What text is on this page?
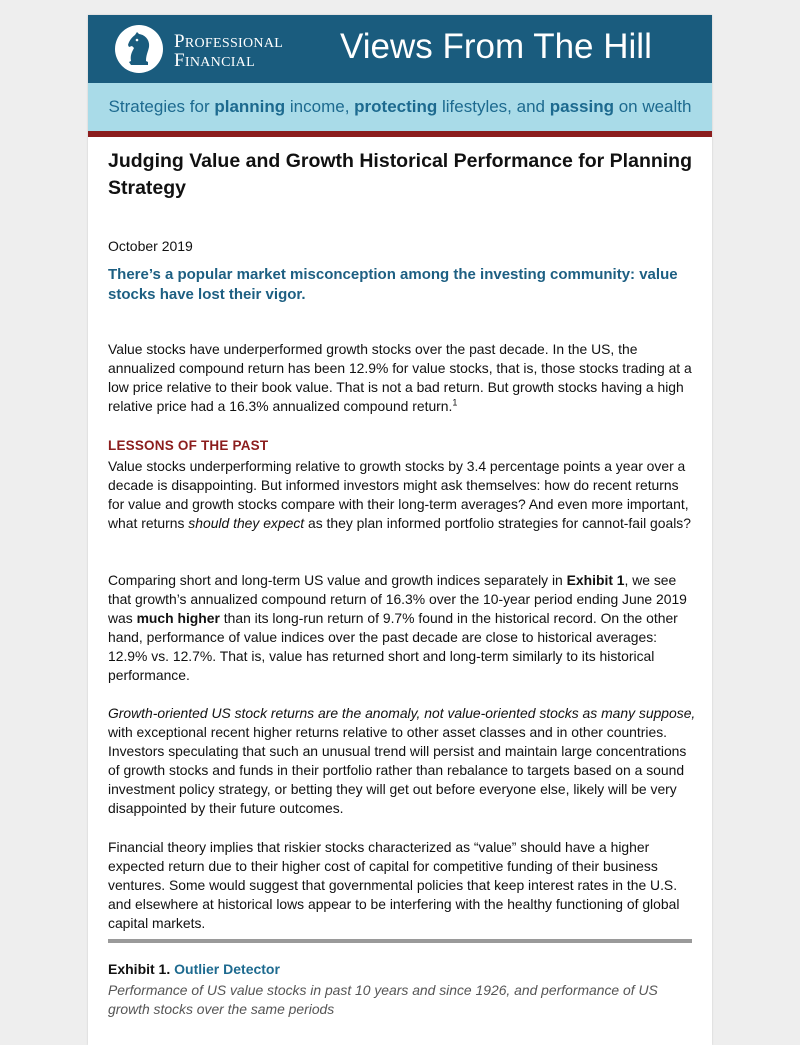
PROFESSIONAL
FINANCIAL	Views From The Hill
Strategies for planning income, protecting lifestyles, and passing on wealth
Judging Value and Growth Historical Performance for Planning Strategy
October 2019

There’s a popular market misconception among the investing community: value stocks have lost their vigor.

Value stocks have underperformed growth stocks over the past decade. In the US, the annualized compound return has been 12.9% for value stocks, that is, those stocks trading at a low price relative to their book value. That is not a bad return. But growth stocks having a high relative price had a 16.3% annualized compound return.$^1$

LESSONS OF THE PAST

Value stocks underperforming relative to growth stocks by 3.4 percentage points a year over a decade is disappointing. But informed investors might ask themselves: how do recent returns for value and growth stocks compare with their long-term averages? And even more important, what returns should they expect as they plan informed portfolio strategies for cannot-fail goals?

Comparing short and long-term US value and growth indices separately in Exhibit 1, we see that growth’s annualized compound return of 16.3% over the 10-year period ending June 2019 was much higher than its long-run return of 9.7% found in the historical record. On the other hand, performance of value indices over the past decade are close to historical averages: 12.9% vs. 12.7%. That is, value has returned short and long-term similarly to its historical performance.

Growth-oriented US stock returns are the anomaly, not value-oriented stocks as many suppose, with exceptional recent higher returns relative to other asset classes and in other countries. Investors speculating that such an unusual trend will persist and maintain large concentrations of growth stocks and funds in their portfolio rather than rebalance to targets based on a sound investment policy strategy, or betting they will get out before everyone else, likely will be very disappointed by their future outcomes.

Financial theory implies that riskier stocks characterized as “value” should have a higher expected return due to their higher cost of capital for competitive funding of their business ventures. Some would suggest that governmental policies that keep interest rates in the U.S. and elsewhere at historical lows appear to be interfering with the healthy functioning of global capital markets.

Exhibit 1. Outlier Detector
Performance of US value stocks in past 10 years and since 1926, and performance of US growth stocks over the same periods
